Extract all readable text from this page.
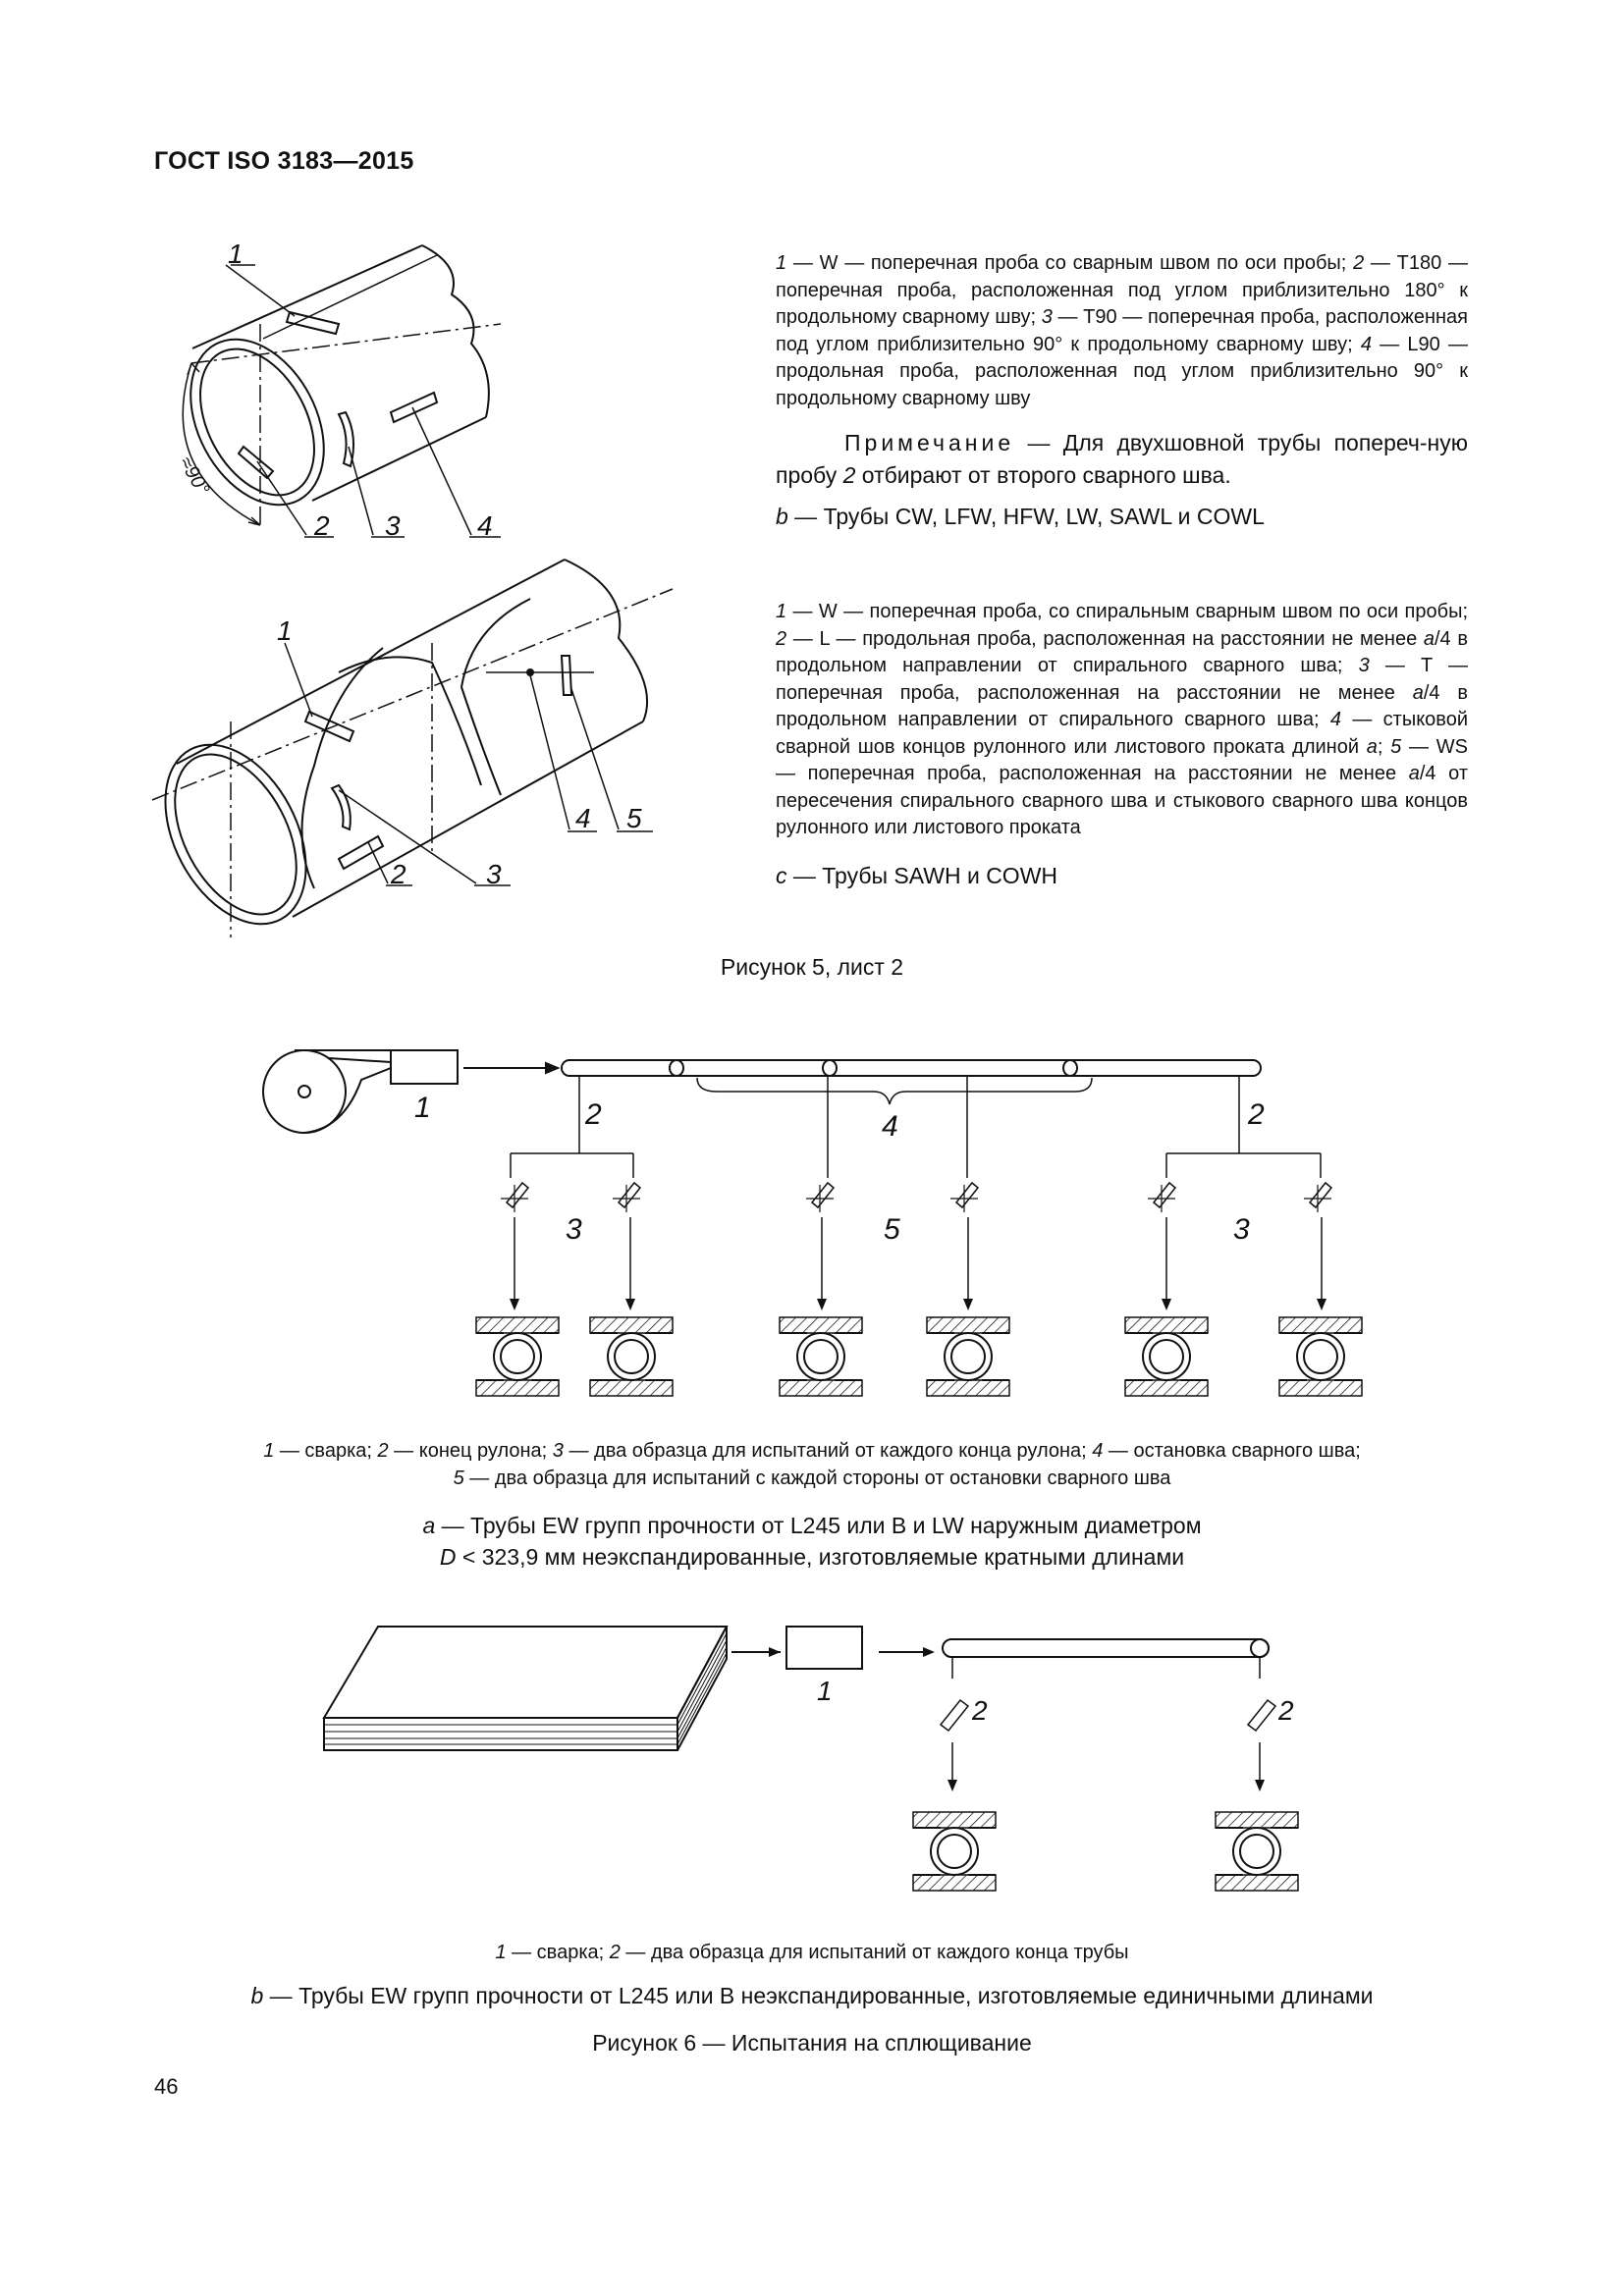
ГОСТ ISO 3183—2015
1
2 3	4
≈90°
1 — W — поперечная проба со сварным швом по оси пробы; 2 — T180 — поперечная проба, расположенная под углом приблизительно 180° к продольному сварному шву; 3 — T90 — поперечная проба, расположенная под углом приблизительно 90° к продольному сварному шву; 4 — L90 — продольная проба, расположенная под углом приблизительно 90° к продольному сварному шву
Примечание — Для двухшовной трубы попереч-ную пробу 2 отбирают от второго сварного шва.
b — Трубы CW, LFW, HFW, LW, SAWL и COWL
1
2	3
4 5
1 — W — поперечная проба, со спиральным сварным швом по оси пробы; 2 — L — продольная проба, расположенная на расстоянии не менее a/4 в продольном направлении от спирального сварного шва; 3 — T — поперечная проба, расположенная на расстоянии не менее a/4 в продольном направлении от спирального сварного шва; 4 — стыковой сварной шов концов рулонного или листового проката длиной a; 5 — WS — поперечная проба, расположенная на расстоянии не менее a/4 от пересечения спирального сварного шва и стыкового сварного шва концов рулонного или листового проката
c — Трубы SAWH и COWH
Рисунок 5, лист 2
1	2	2
4
3	5	3
1 — сварка; 2 — конец рулона; 3 — два образца для испытаний от каждого конца рулона; 4 — остановка сварного шва;
5 — два образца для испытаний с каждой стороны от остановки сварного шва
a — Трубы EW групп прочности от L245 или B и LW наружным диаметром
D < 323,9 мм неэкспандированные, изготовляемые кратными длинами
1
2	2
1 — сварка; 2 — два образца для испытаний от каждого конца трубы
b — Трубы EW групп прочности от L245 или B неэкспандированные, изготовляемые единичными длинами
Рисунок 6 — Испытания на сплющивание
46
